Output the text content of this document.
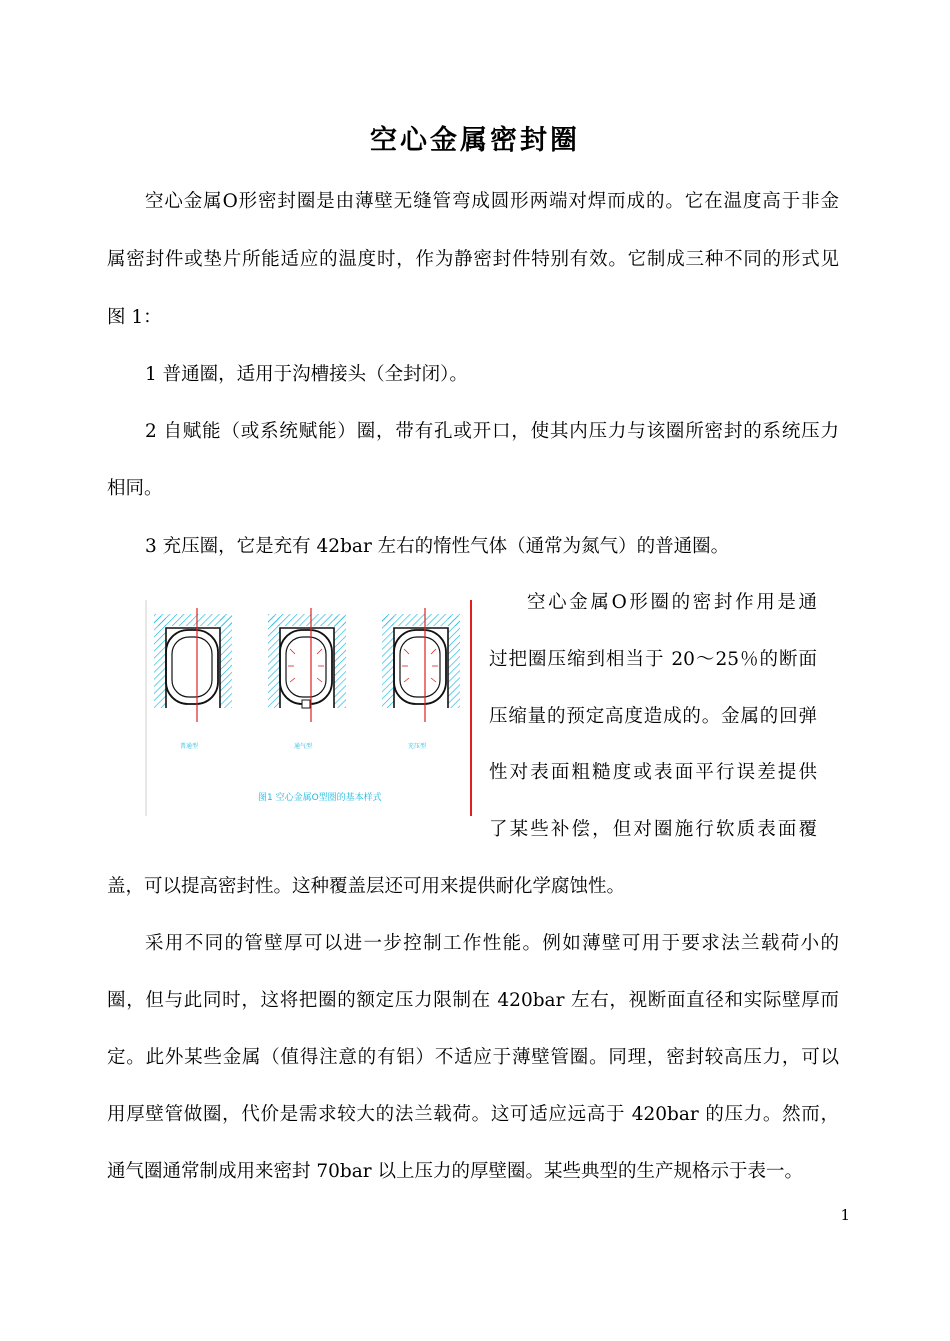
空心金属密封圈
空心金属O形密封圈是由薄壁无缝管弯成圆形两端对焊而成的。它在温度高于非金
属密封件或垫片所能适应的温度时，作为静密封件特别有效。它制成三种不同的形式见
图 1：
1 普通圈，适用于沟槽接头（全封闭）。
2 自赋能（或系统赋能）圈，带有孔或开口，使其内压力与该圈所密封的系统压力
相同。
3 充压圈，它是充有 42bar 左右的惰性气体（通常为氮气）的普通圈。
普通型	通气型	充压型
图1 空心金属O型圈的基本样式
空心金属O形圈的密封作用是通
过把圈压缩到相当于 20～25％的断面
压缩量的预定高度造成的。金属的回弹
性对表面粗糙度或表面平行误差提供
了某些补偿，但对圈施行软质表面覆
盖，可以提高密封性。这种覆盖层还可用来提供耐化学腐蚀性。
采用不同的管壁厚可以进一步控制工作性能。例如薄壁可用于要求法兰载荷小的
圈，但与此同时，这将把圈的额定压力限制在 420bar 左右，视断面直径和实际壁厚而
定。此外某些金属（值得注意的有铝）不适应于薄壁管圈。同理，密封较高压力，可以
用厚壁管做圈，代价是需求较大的法兰载荷。这可适应远高于 420bar 的压力。然而，
通气圈通常制成用来密封 70bar 以上压力的厚壁圈。某些典型的生产规格示于表一。
1
